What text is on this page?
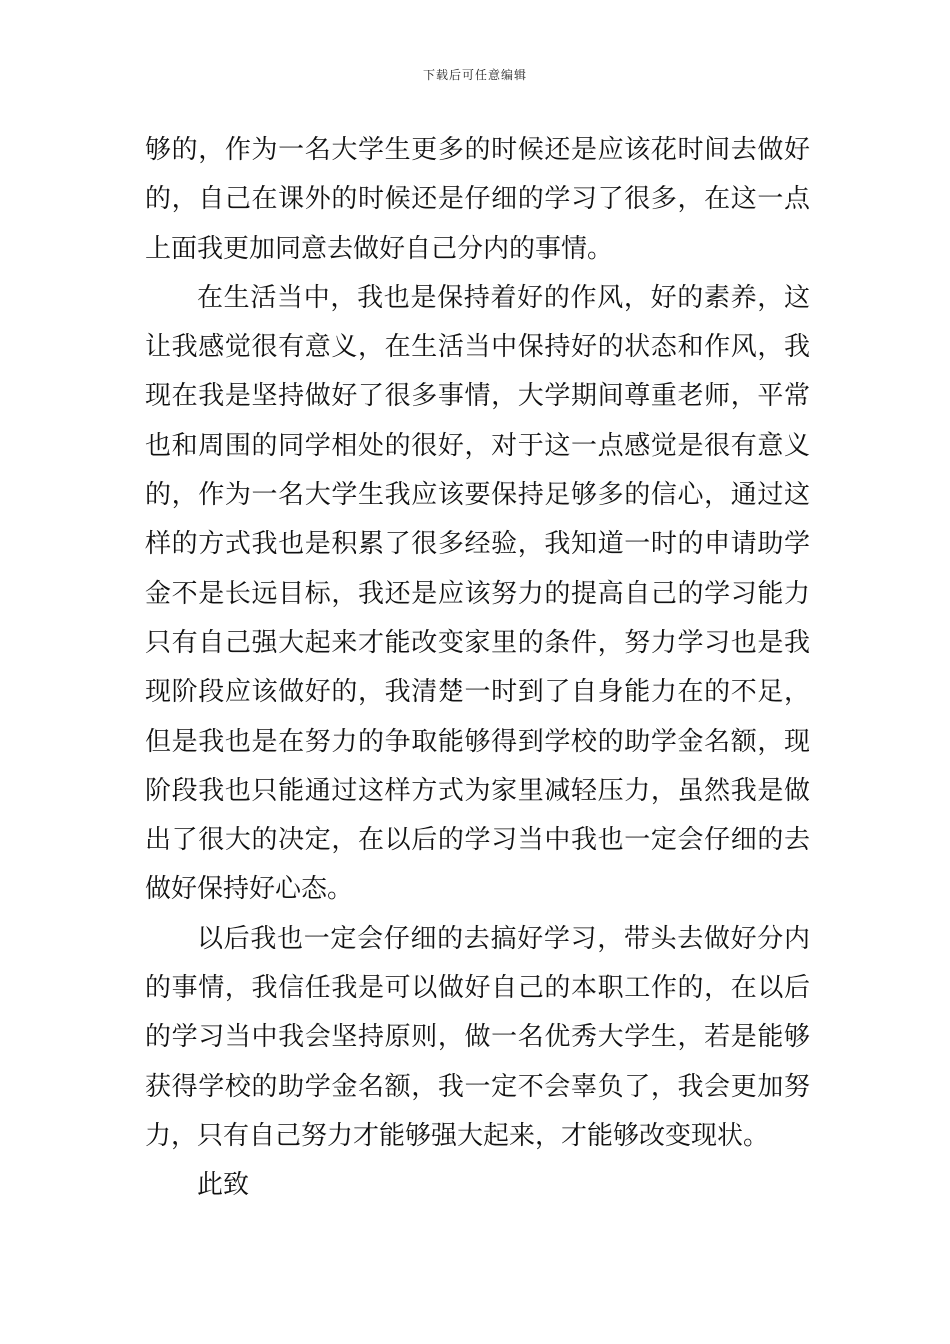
下载后可任意编辑
够的，作为一名大学生更多的时候还是应该花时间去做好
的，自己在课外的时候还是仔细的学习了很多，在这一点
上面我更加同意去做好自己分内的事情。
在生活当中，我也是保持着好的作风，好的素养，这
让我感觉很有意义，在生活当中保持好的状态和作风，我
现在我是坚持做好了很多事情，大学期间尊重老师，平常
也和周围的同学相处的很好，对于这一点感觉是很有意义
的，作为一名大学生我应该要保持足够多的信心，通过这
样的方式我也是积累了很多经验，我知道一时的申请助学
金不是长远目标，我还是应该努力的提高自己的学习能力
只有自己强大起来才能改变家里的条件，努力学习也是我
现阶段应该做好的，我清楚一时到了自身能力在的不足，
但是我也是在努力的争取能够得到学校的助学金名额，现
阶段我也只能通过这样方式为家里减轻压力，虽然我是做
出了很大的决定，在以后的学习当中我也一定会仔细的去
做好保持好心态。
以后我也一定会仔细的去搞好学习，带头去做好分内
的事情，我信任我是可以做好自己的本职工作的，在以后
的学习当中我会坚持原则，做一名优秀大学生，若是能够
获得学校的助学金名额，我一定不会辜负了，我会更加努
力，只有自己努力才能够强大起来，才能够改变现状。
此致
